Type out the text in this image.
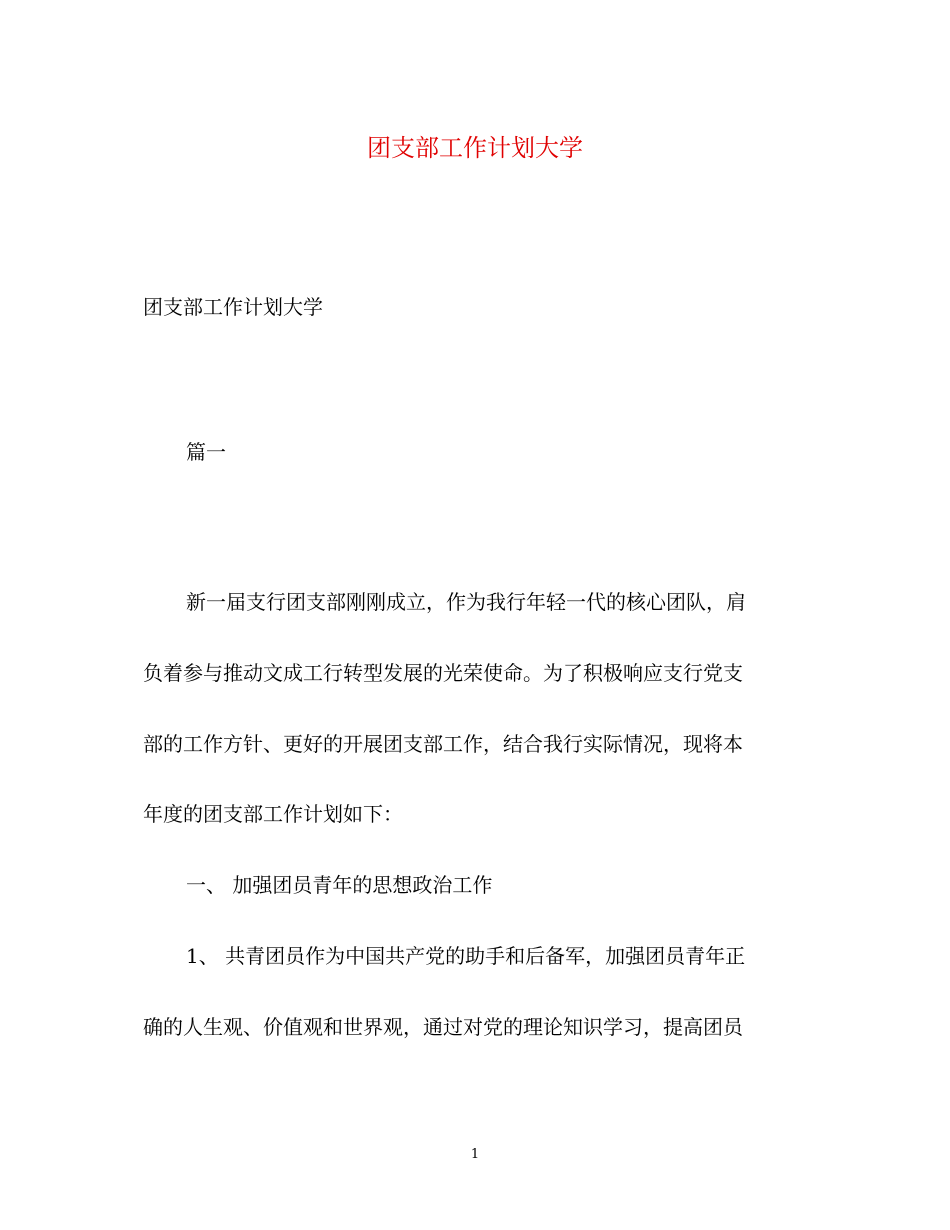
团支部工作计划大学
团支部工作计划大学
篇一
新一届支行团支部刚刚成立，作为我行年轻一代的核心团队，肩
负着参与推动文成工行转型发展的光荣使命。为了积极响应支行党支
部的工作方针、更好的开展团支部工作，结合我行实际情况，现将本
年度的团支部工作计划如下：
一、 加强团员青年的思想政治工作
1、 共青团员作为中国共产党的助手和后备军，加强团员青年正
确的人生观、价值观和世界观，通过对党的理论知识学习，提高团员
1
